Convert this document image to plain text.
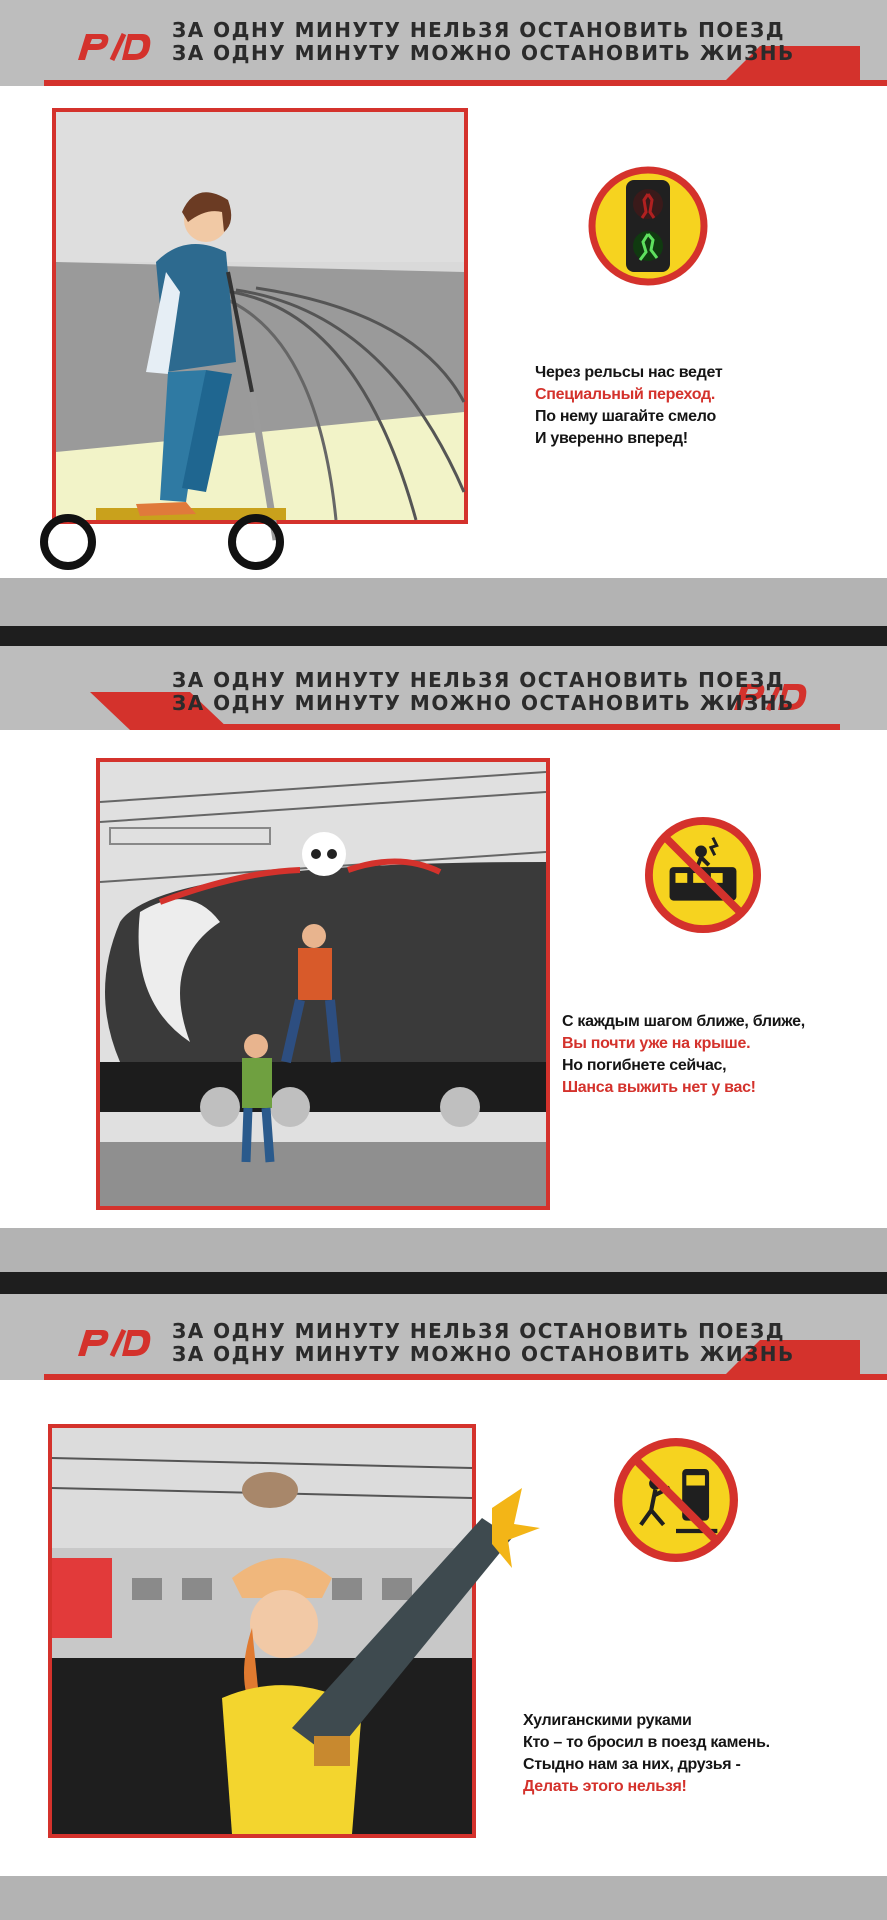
ЗА ОДНУ МИНУТУ НЕЛЬЗЯ ОСТАНОВИТЬ ПОЕЗД
ЗА ОДНУ МИНУТУ МОЖНО ОСТАНОВИТЬ ЖИЗНЬ
Через рельсы нас ведет
Специальный переход.
По нему шагайте смело
И уверенно вперед!
ЗА ОДНУ МИНУТУ НЕЛЬЗЯ ОСТАНОВИТЬ ПОЕЗД
ЗА ОДНУ МИНУТУ МОЖНО ОСТАНОВИТЬ ЖИЗНЬ
С каждым шагом ближе, ближе,
Вы почти уже на крыше.
Но погибнете сейчас,
Шанса выжить нет у вас!
ЗА ОДНУ МИНУТУ НЕЛЬЗЯ ОСТАНОВИТЬ ПОЕЗД
ЗА ОДНУ МИНУТУ МОЖНО ОСТАНОВИТЬ ЖИЗНЬ
Хулиганскими руками
Кто – то бросил в поезд камень.
Стыдно нам за них, друзья -
Делать этого нельзя!
